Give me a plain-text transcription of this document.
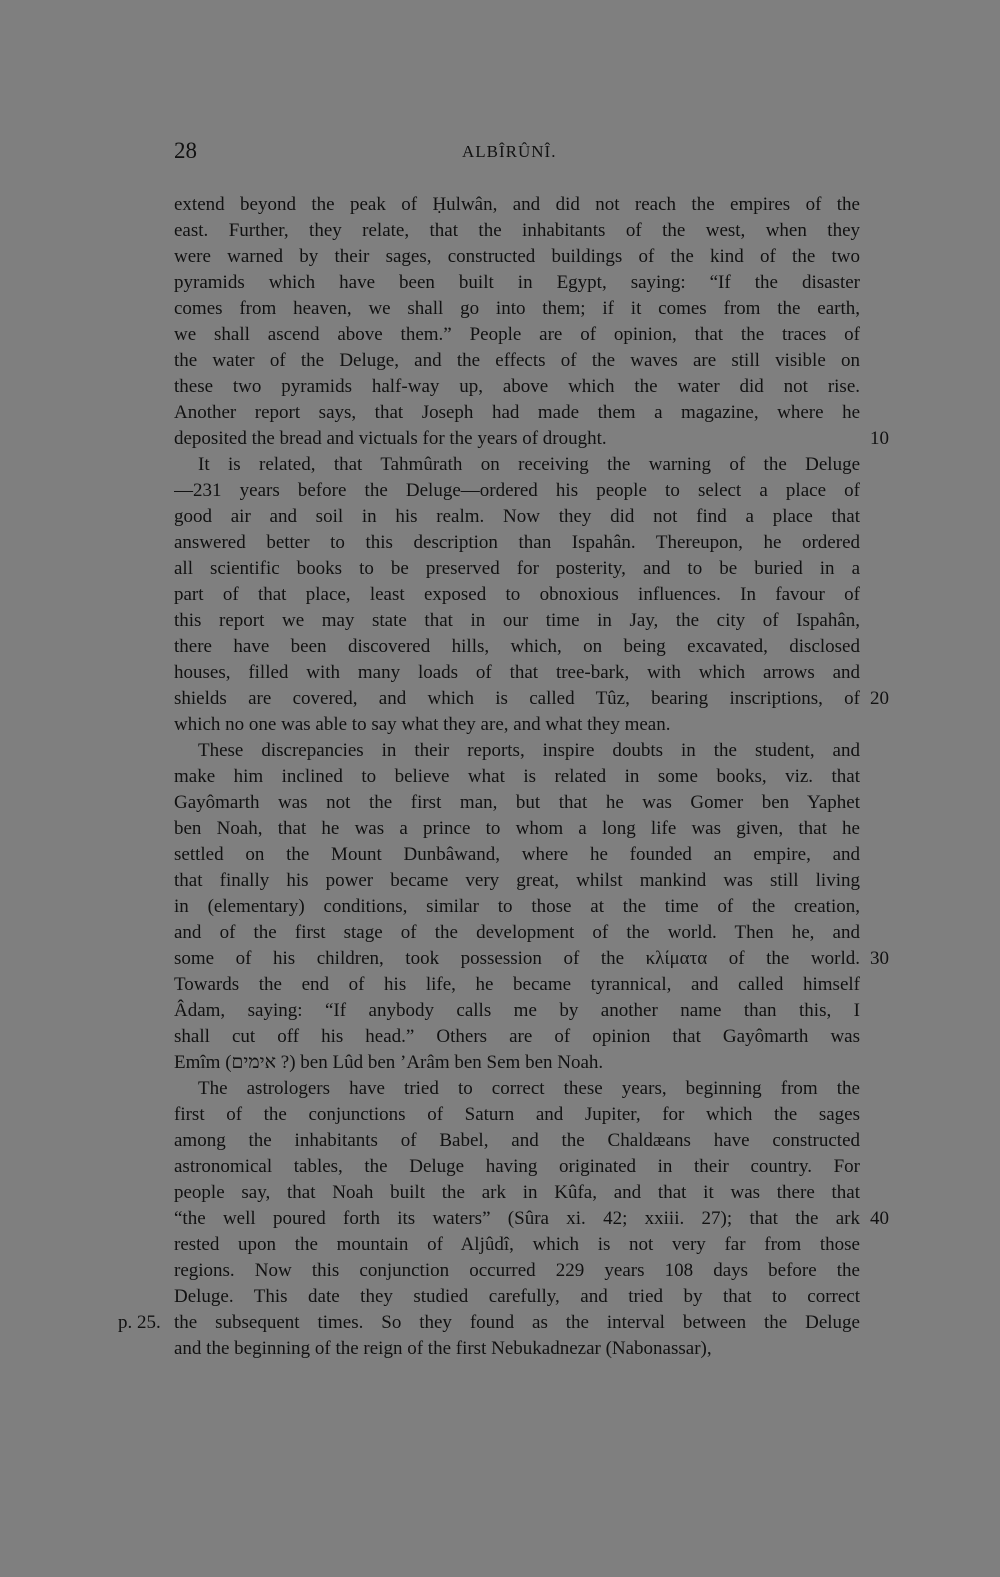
28	ALBÎRÛNÎ.
extend beyond the peak of Ḥulwân, and did not reach the empires of the
east. Further, they relate, that the inhabitants of the west, when they
were warned by their sages, constructed buildings of the kind of the two
pyramids which have been built in Egypt, saying: “If the disaster
comes from heaven, we shall go into them; if it comes from the earth,
we shall ascend above them.” People are of opinion, that the traces of
the water of the Deluge, and the effects of the waves are still visible on
these two pyramids half-way up, above which the water did not rise.
Another report says, that Joseph had made them a magazine, where he
deposited the bread and victuals for the years of drought.
It is related, that Tahmûrath on receiving the warning of the Deluge
—231 years before the Deluge—ordered his people to select a place of
good air and soil in his realm. Now they did not find a place that
answered better to this description than Ispahân. Thereupon, he ordered
all scientific books to be preserved for posterity, and to be buried in a
part of that place, least exposed to obnoxious influences. In favour of
this report we may state that in our time in Jay, the city of Ispahân,
there have been discovered hills, which, on being excavated, disclosed
houses, filled with many loads of that tree-bark, with which arrows and
shields are covered, and which is called Tûz, bearing inscriptions, of
which no one was able to say what they are, and what they mean.
These discrepancies in their reports, inspire doubts in the student, and
make him inclined to believe what is related in some books, viz. that
Gayômarth was not the first man, but that he was Gomer ben Yaphet
ben Noah, that he was a prince to whom a long life was given, that he
settled on the Mount Dunbâwand, where he founded an empire, and
that finally his power became very great, whilst mankind was still living
in (elementary) conditions, similar to those at the time of the creation,
and of the first stage of the development of the world. Then he, and
some of his children, took possession of the κλίματα of the world.
Towards the end of his life, he became tyrannical, and called himself
Âdam, saying: “If anybody calls me by another name than this, I
shall cut off his head.” Others are of opinion that Gayômarth was
Emîm (אימים ?) ben Lûd ben ’Arâm ben Sem ben Noah.
The astrologers have tried to correct these years, beginning from the
first of the conjunctions of Saturn and Jupiter, for which the sages
among the inhabitants of Babel, and the Chaldæans have constructed
astronomical tables, the Deluge having originated in their country. For
people say, that Noah built the ark in Kûfa, and that it was there that
“the well poured forth its waters” (Sûra xi. 42; xxiii. 27); that the ark
rested upon the mountain of Aljûdî, which is not very far from those
regions. Now this conjunction occurred 229 years 108 days before the
Deluge. This date they studied carefully, and tried by that to correct
the subsequent times. So they found as the interval between the Deluge
and the beginning of the reign of the first Nebukadnezar (Nabonassar),
10
20
30
40
p. 25.
